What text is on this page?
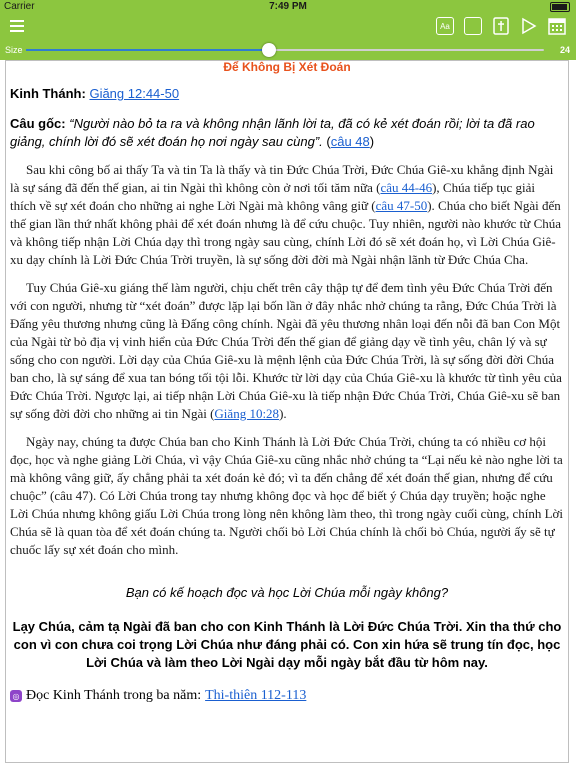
Carrier	7:49 PM
Aa
Size	24
Để Không Bị Xét Đoán
Kinh Thánh: Giăng 12:44-50
Câu gốc: “Người nào bỏ ta ra và không nhận lãnh lời ta, đã có kẻ xét đoán rồi; lời ta đã rao giảng, chính lời đó sẽ xét đoán họ nơi ngày sau cùng”. (câu 48)

Sau khi công bố ai thấy Ta và tin Ta là thấy và tin Đức Chúa Trời, Đức Chúa Giê-xu khẳng định Ngài là sự sáng đã đến thế gian, ai tin Ngài thì không còn ở nơi tối tăm nữa (câu 44-46), Chúa tiếp tục giải thích về sự xét đoán cho những ai nghe Lời Ngài mà không vâng giữ (câu 47-50). Chúa cho biết Ngài đến thế gian lần thứ nhất không phải để xét đoán nhưng là để cứu chuộc. Tuy nhiên, người nào khước từ Chúa và không tiếp nhận Lời Chúa dạy thì trong ngày sau cùng, chính Lời đó sẽ xét đoán họ, vì Lời Chúa Giê-xu dạy chính là Lời Đức Chúa Trời truyền, là sự sống đời đời mà Ngài nhận lãnh từ Đức Chúa Cha.

Tuy Chúa Giê-xu giáng thế làm người, chịu chết trên cây thập tự để đem tình yêu Đức Chúa Trời đến với con người, nhưng từ “xét đoán” được lặp lại bốn lần ở đây nhắc nhở chúng ta rằng, Đức Chúa Trời là Đấng yêu thương nhưng cũng là Đấng công chính. Ngài đã yêu thương nhân loại đến nỗi đã ban Con Một của Ngài từ bỏ địa vị vinh hiển của Đức Chúa Trời đến thế gian để giảng dạy về tình yêu, chân lý và sự sống cho con người. Lời dạy của Chúa Giê-xu là mệnh lệnh của Đức Chúa Trời, là sự sống đời đời Chúa ban cho, là sự sáng để xua tan bóng tối tội lỗi. Khước từ lời dạy của Chúa Giê-xu là khước từ tình yêu của Đức Chúa Trời. Ngược lại, ai tiếp nhận Lời Chúa Giê-xu là tiếp nhận Đức Chúa Trời, Chúa Giê-xu sẽ ban sự sống đời đời cho những ai tin Ngài (Giăng 10:28).

Ngày nay, chúng ta được Chúa ban cho Kinh Thánh là Lời Đức Chúa Trời, chúng ta có nhiều cơ hội đọc, học và nghe giảng Lời Chúa, vì vậy Chúa Giê-xu cũng nhắc nhở chúng ta “Lại nếu kẻ nào nghe lời ta mà không vâng giữ, ấy chẳng phải ta xét đoán kẻ đó; vì ta đến chẳng để xét đoán thế gian, nhưng để cứu chuộc” (câu 47). Có Lời Chúa trong tay nhưng không đọc và học để biết ý Chúa dạy truyền; hoặc nghe Lời Chúa nhưng không giấu Lời Chúa trong lòng nên không làm theo, thì trong ngày cuối cùng, chính Lời Chúa sẽ là quan tòa để xét đoán chúng ta. Người chối bỏ Lời Chúa chính là chối bỏ Chúa, người ấy sẽ tự chuốc lấy sự xét đoán cho mình.

Bạn có kế hoạch đọc và học Lời Chúa mỗi ngày không?
Lạy Chúa, cảm tạ Ngài đã ban cho con Kinh Thánh là Lời Đức Chúa Trời. Xin tha thứ cho con vì con chưa coi trọng Lời Chúa như đáng phải có. Con xin hứa sẽ trung tín đọc, học Lời Chúa và làm theo Lời Ngài dạy mỗi ngày bắt đầu từ hôm nay.
◎ Đọc Kinh Thánh trong ba năm: Thi-thiên 112-113
